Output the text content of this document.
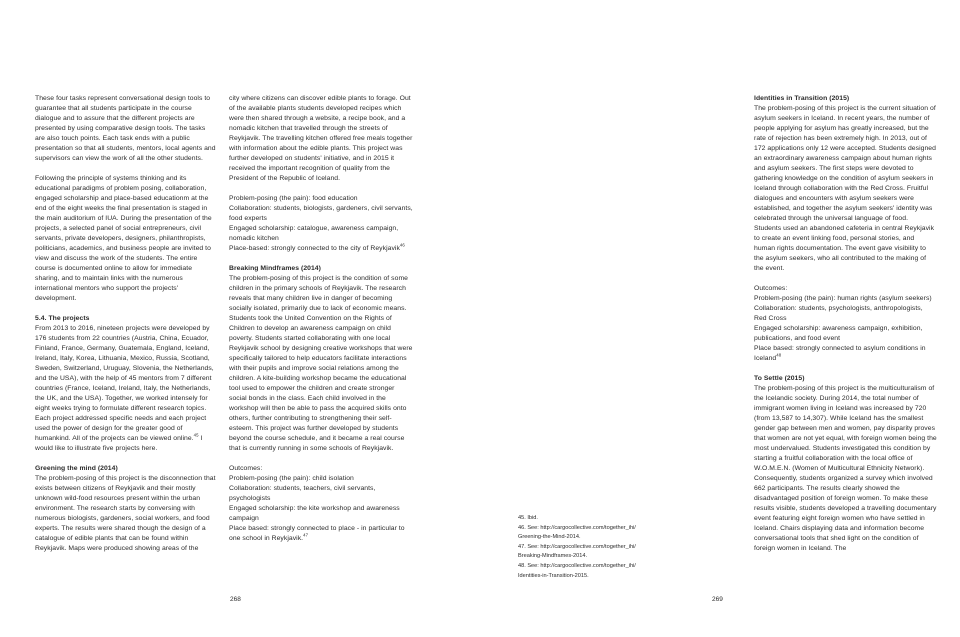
These four tasks represent conversational design tools to guarantee that all students participate in the course dialogue and to assure that the different projects are presented by using comparative design tools. The tasks are also touch points. Each task ends with a public presentation so that all students, mentors, local agents and supervisors can view the work of all the other students.

Following the principle of systems thinking and its educational paradigms of problem posing, collaboration, engaged scholarship and place-based educationm at the end of the eight weeks the final presentation is staged in the main auditorium of IUA. During the presentation of the projects, a selected panel of social entrepreneurs, civil servants, private developers, designers, philanthropists, politicians, academics, and business people are invited to view and discuss the work of the students. The entire course is documented online to allow for immediate sharing, and to maintain links with the numerous international mentors who support the projects' development.

5.4. The projects

From 2013 to 2016, nineteen projects were developed by 176 students from 22 countries (Austria, China, Ecuador, Finland, France, Germany, Guatemala, England, Iceland, Ireland, Italy, Korea, Lithuania, Mexico, Russia, Scotland, Sweden, Switzerland, Uruguay, Slovenia, the Netherlands, and the USA), with the help of 45 mentors from 7 different countries (France, Iceland, Ireland, Italy, the Netherlands, the UK, and the USA). Together, we worked intensely for eight weeks trying to formulate different research topics. Each project addressed specific needs and each project used the power of design for the greater good of humankind. All of the projects can be viewed online.$^{45}$ I would like to illustrate five projects here.

Greening the mind (2014)

The problem-posing of this project is the disconnection that exists between citizens of Reykjavik and their mostly unknown wild-food resources present within the urban environment. The research starts by conversing with numerous biologists, gardeners, social workers, and food experts. The results were shared though the design of a catalogue of edible plants that can be found within Reykjavik. Maps were produced showing areas of the

city where citizens can discover edible plants to forage. Out of the available plants students developed recipes which were then shared through a website, a recipe book, and a nomadic kitchen that travelled through the streets of Reykjavik. The travelling kitchen offered free meals together with information about the edible plants. This project was further developed on students' initiative, and in 2015 it received the important recognition of quality from the President of the Republic of Iceland.

Problem-posing (the pain): food education

Collaboration: students, biologists, gardeners, civil servants, food experts

Engaged scholarship: catalogue, awareness campaign, nomadic kitchen

Place-based: strongly connected to the city of Reykjavik$^{46}$

Breaking Mindframes (2014)

The problem-posing of this project is the condition of some children in the primary schools of Reykjavik. The research reveals that many children live in danger of becoming socially isolated, primarily due to lack of economic means. Students took the United Convention on the Rights of Children to develop an awareness campaign on child poverty. Students started collaborating with one local Reykjavik school by designing creative workshops that were specifically tailored to help educators facilitate interactions with their pupils and improve social relations among the children. A kite-building workshop became the educational tool used to empower the children and create stronger social bonds in the class. Each child involved in the workshop will then be able to pass the acquired skills onto others, further contributing to strengthening their self-esteem. This project was further developed by students beyond the course schedule, and it became a real course that is currently running in some schools of Reykjavik.

Outcomes:

Problem-posing (the pain): child isolation

Collaboration: students, teachers, civil servants, psychologists

Engaged scholarship: the kite workshop and awareness campaign

Place based: strongly connected to place - in particular to one school in Reykjavik.$^{47}$

45. Ibid.
46. See: http://cargocollective.com/together_ihi/
Greening-the-Mind-2014.
47. See: http://cargocollective.com/together_ihi/
Breaking-Mindframes-2014.
48. See: http://cargocollective.com/together_ihi/
Identities-in-Transition-2015.

Identities in Transition (2015)

The problem-posing of this project is the current situation of asylum seekers in Iceland. In recent years, the number of people applying for asylum has greatly increased, but the rate of rejection has been extremely high. In 2013, out of 172 applications only 12 were accepted. Students designed an extraordinary awareness campaign about human rights and asylum seekers. The first steps were devoted to gathering knowledge on the condition of asylum seekers in Iceland through collaboration with the Red Cross. Fruitful dialogues and encounters with asylum seekers were established, and together the asylum seekers' identity was celebrated through the universal language of food. Students used an abandoned cafeteria in central Reykjavik to create an event linking food, personal stories, and human rights documentation. The event gave visibility to the asylum seekers, who all contributed to the making of the event.

Outcomes:

Problem-posing (the pain): human rights (asylum seekers)

Collaboration: students, psychologists, anthropologists, Red Cross

Engaged scholarship: awareness campaign, exhibition, publications, and food event

Place based: strongly connected to asylum conditions in Iceland$^{48}$

To Settle (2015)

The problem-posing of this project is the multiculturalism of the Icelandic society. During 2014, the total number of immigrant women living in Iceland was increased by 720 (from 13,587 to 14,307). While Iceland has the smallest gender gap between men and women, pay disparity proves that women are not yet equal, with foreign women being the most undervalued. Students investigated this condition by starting a fruitful collaboration with the local office of W.O.M.E.N. (Women of Multicultural Ethnicity Network). Consequently, students organized a survey which involved 662 participants. The results clearly showed the disadvantaged position of foreign women. To make these results visible, students developed a travelling documentary event featuring eight foreign women who have settled in Iceland. Chairs displaying data and information become conversational tools that shed light on the condition of foreign women in Iceland. The

268	269
